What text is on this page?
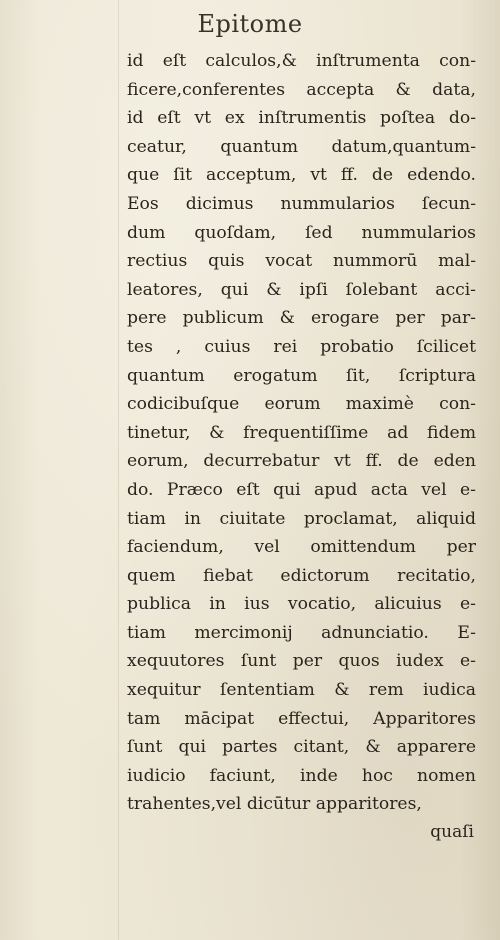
Epitome
id eſt calculos,& inſtrumenta con-
ficere,conferentes accepta & data,
id eſt vt ex inſtrumentis poſtea do-
ceatur, quantum datum,quantum-
que ſit acceptum, vt ff. de edendo.
Eos dicimus nummularios ſecun-
dum quoſdam, ſed nummularios
rectius quis vocat nummorū mal-
leatores, qui & ipſi ſolebant acci-
pere publicum & erogare per par-
tes , cuius rei probatio ſcilicet
quantum erogatum ſit, ſcriptura
codicibuſque eorum maximè con-
tinetur, & frequentiſſime ad fidem
eorum, decurrebatur vt ff. de eden
do. Præco eſt qui apud acta vel e-
tiam in ciuitate proclamat, aliquid
faciendum, vel omittendum per
quem fiebat edictorum recitatio,
publica in ius vocatio, alicuius e-
tiam mercimonij adnunciatio. E-
xequutores ſunt per quos iudex e-
xequitur ſententiam & rem iudica
tam mācipat effectui, Apparitores
ſunt qui partes citant, & apparere
iudicio faciunt, inde hoc nomen
trahentes,vel dicūtur apparitores,
quaſi
